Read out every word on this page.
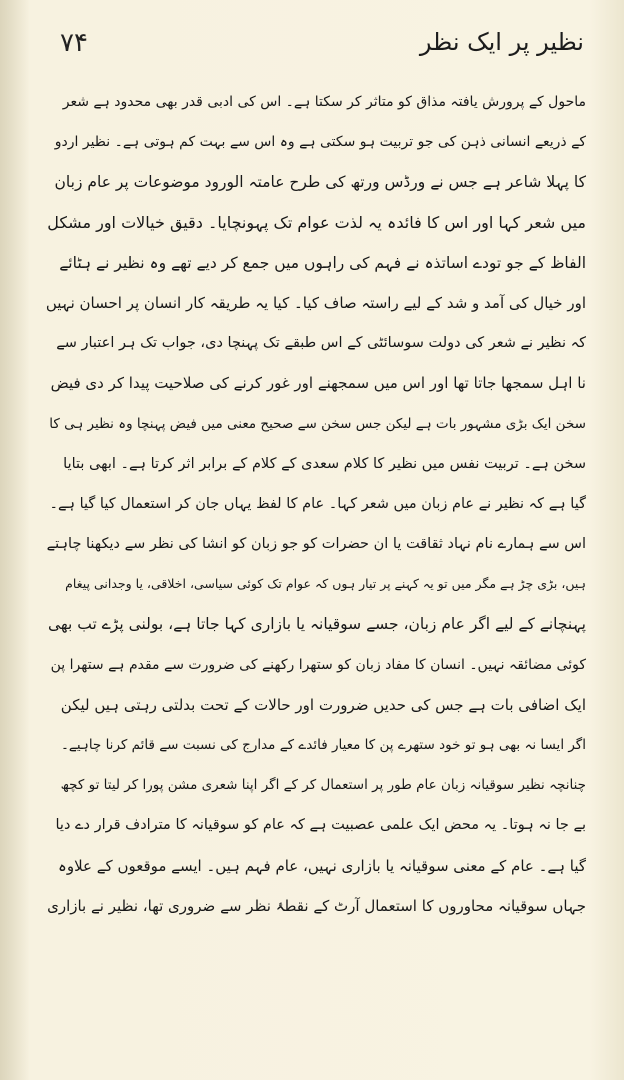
۷۴	نظیر پر ایک نظر
ماحول کے پرورش یافتہ مذاق کو متاثر کر سکتا ہے۔ اس کی ادبی قدر بھی محدود ہے شعر
کے ذریعے انسانی ذہن کی جو تربیت ہو سکتی ہے وہ اس سے بہت کم ہوتی ہے۔ نظیر اردو
کا پہلا شاعر ہے جس نے ورڈس ورتھ کی طرح عامتہ الورود موضوعات پر عام زبان
میں شعر کہا اور اس کا فائدہ یہ لذت عوام تک پہونچایا۔ دقیق خیالات اور مشکل
الفاظ کے جو تودے اساتذہ نے فہم کی راہوں میں جمع کر دیے تھے وہ نظیر نے ہٹائے
اور خیال کی آمد و شد کے لیے راستہ صاف کیا۔ کیا یہ طریقہ کار انسان پر احسان نہیں
کہ نظیر نے شعر کی دولت سوسائٹی کے اس طبقے تک پہنچا دی، جواب تک ہر اعتبار سے
نا اہل سمجھا جاتا تھا اور اس میں سمجھنے اور غور کرنے کی صلاحیت پیدا کر دی فیض
سخن ایک بڑی مشہور بات ہے لیکن جس سخن سے صحیح معنی میں فیض پہنچا وہ نظیر ہی کا
سخن ہے۔ تربیت نفس میں نظیر کا کلام سعدی کے کلام کے برابر اثر کرتا ہے۔ ابھی بتایا
گیا ہے کہ نظیر نے عام زبان میں شعر کہا۔ عام کا لفظ یہاں جان کر استعمال کیا گیا ہے۔
اس سے ہمارے نام نہاد ثقاقت یا ان حضرات کو جو زبان کو انشا کی نظر سے دیکھنا چاہتے
ہیں، بڑی چڑ ہے مگر میں تو یہ کہنے پر تیار ہوں کہ عوام تک کوئی سیاسی، اخلاقی، یا وجدانی پیغام
پہنچانے کے لیے اگر عام زبان، جسے سوقیانہ یا بازاری کہا جاتا ہے، بولنی پڑے تب بھی
کوئی مضائقہ نہیں۔ انسان کا مفاد زبان کو ستھرا رکھنے کی ضرورت سے مقدم ہے ستھرا پن
ایک اضافی بات ہے جس کی حدیں ضرورت اور حالات کے تحت بدلتی رہتی ہیں لیکن
اگر ایسا نہ بھی ہو تو خود ستھرے پن کا معیار فائدے کے مدارج کی نسبت سے قائم کرنا چاہیے۔
چنانچہ نظیر سوقیانہ زبان عام طور پر استعمال کر کے اگر اپنا شعری مشن پورا کر لیتا تو کچھ
بے جا نہ ہوتا۔ یہ محض ایک علمی عصبیت ہے کہ عام کو سوقیانہ کا مترادف قرار دے دیا
گیا ہے۔ عام کے معنی سوقیانہ یا بازاری نہیں، عام فہم ہیں۔ ایسے موقعوں کے علاوہ
جہاں سوقیانہ محاوروں کا استعمال آرٹ کے نقطۂ نظر سے ضروری تھا، نظیر نے بازاری
